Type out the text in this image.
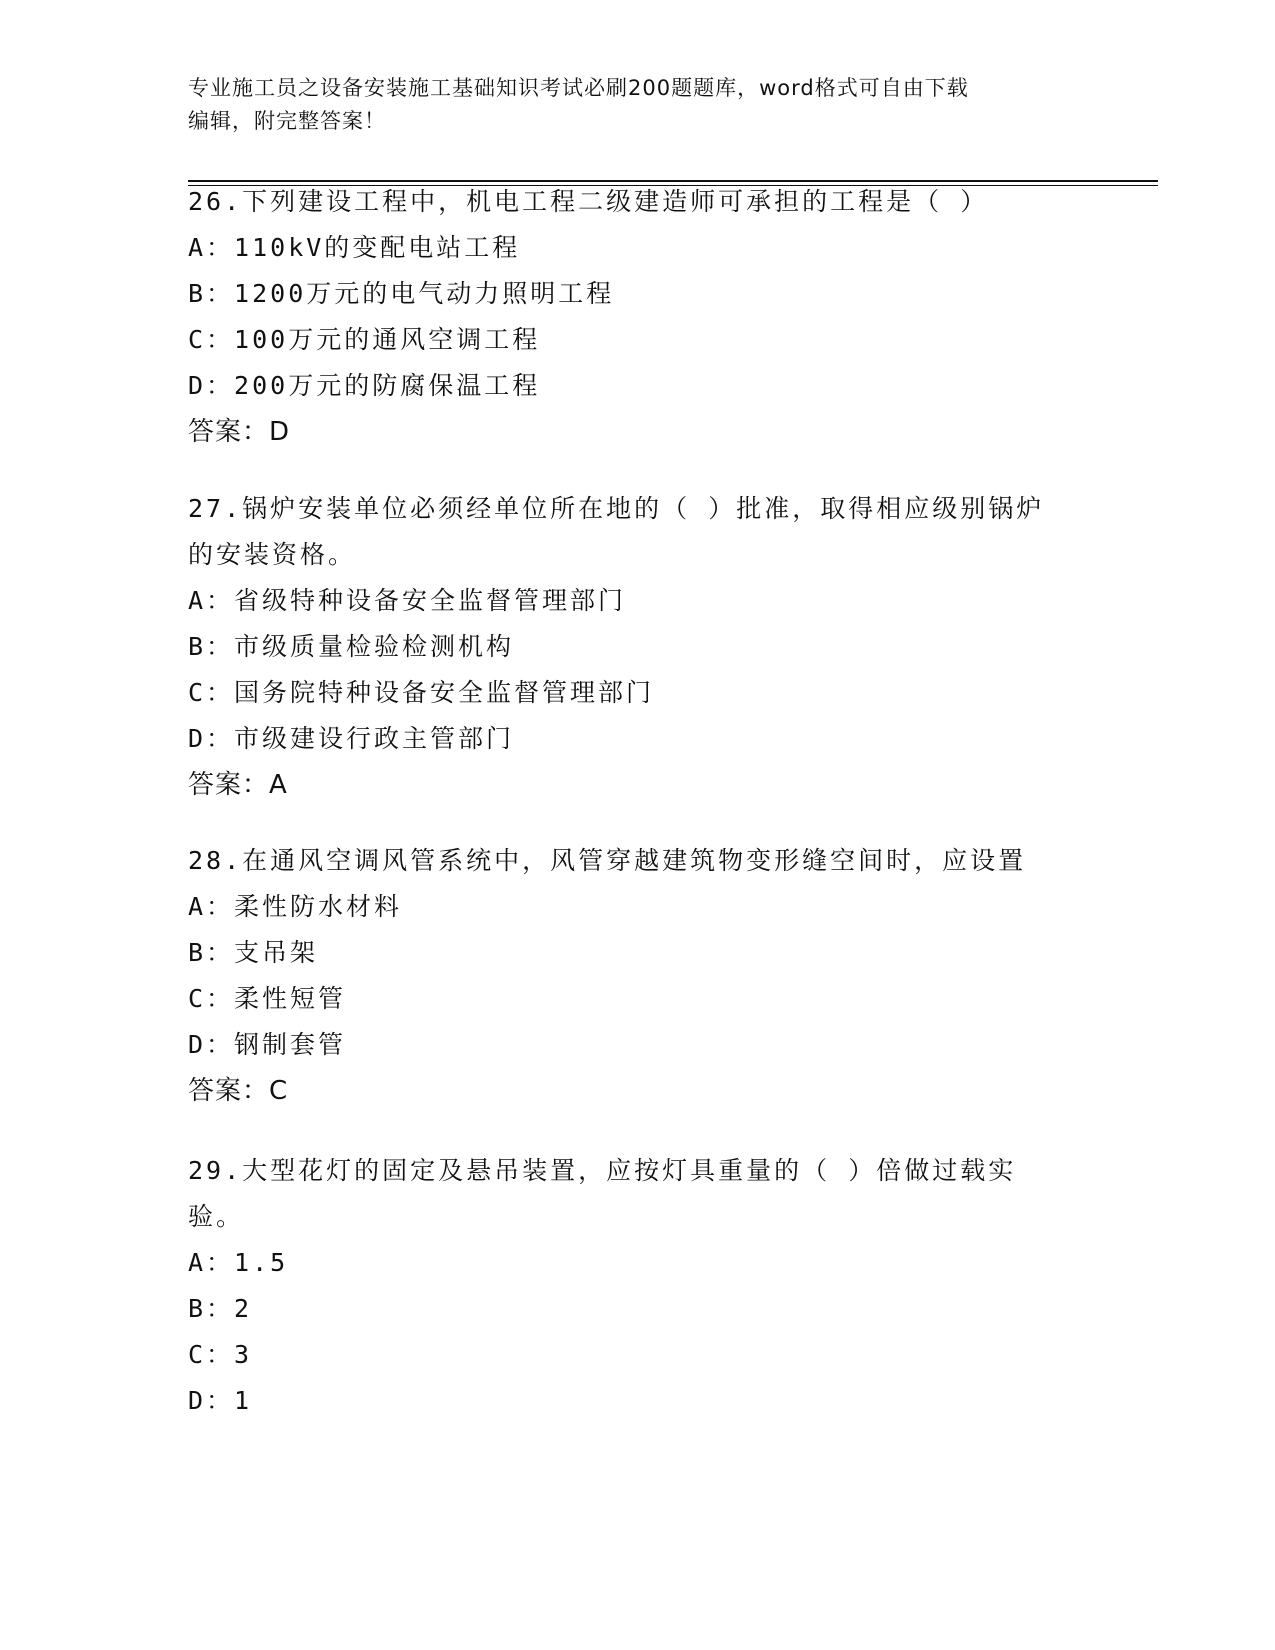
专业施工员之设备安装施工基础知识考试必刷200题题库，word格式可自由下载
编辑，附完整答案！
26.下列建设工程中，机电工程二级建造师可承担的工程是（ ）
A：110kV的变配电站工程
B：1200万元的电气动力照明工程
C：100万元的通风空调工程
D：200万元的防腐保温工程
答案：D
27.锅炉安装单位必须经单位所在地的（ ）批准，取得相应级别锅炉的安装资格。
A：省级特种设备安全监督管理部门
B：市级质量检验检测机构
C：国务院特种设备安全监督管理部门
D：市级建设行政主管部门
答案：A
28.在通风空调风管系统中，风管穿越建筑物变形缝空间时，应设置
A：柔性防水材料
B：支吊架
C：柔性短管
D：钢制套管
答案：C
29.大型花灯的固定及悬吊装置，应按灯具重量的（ ）倍做过载实验。
A：1.5
B：2
C：3
D：1
